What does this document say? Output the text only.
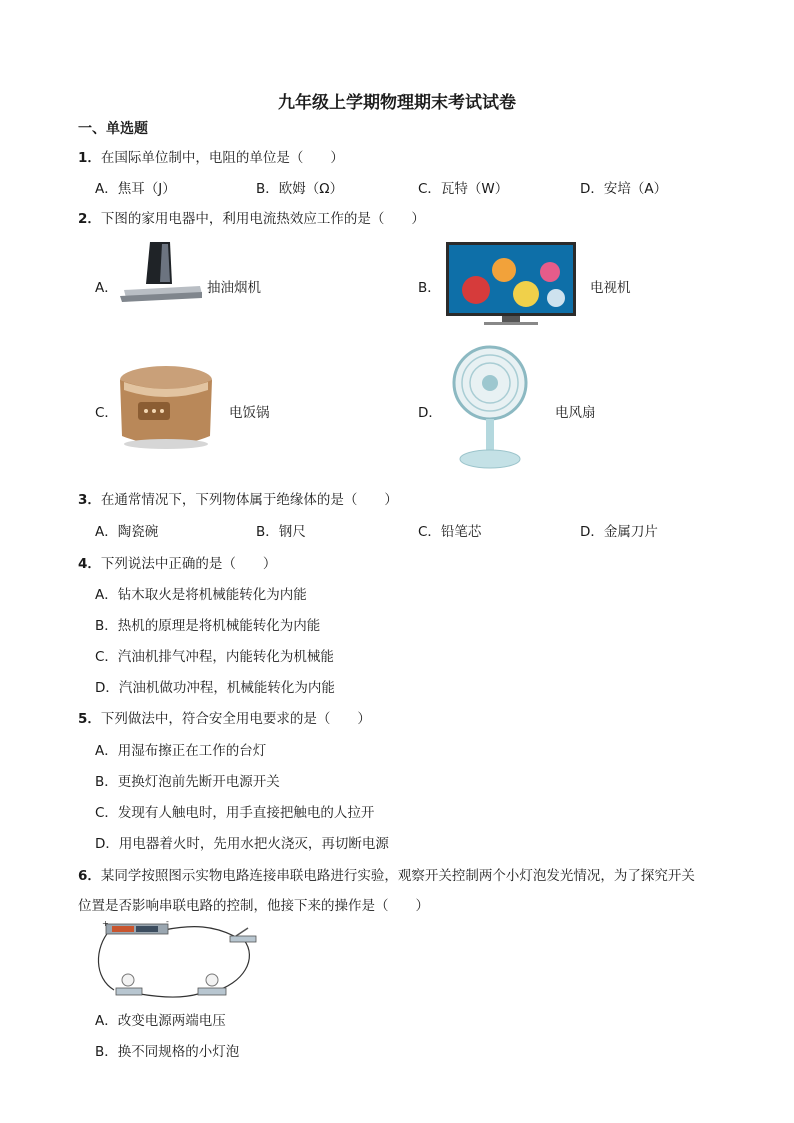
九年级上学期物理期末考试试卷
一、单选题
1．在国际单位制中，电阻的单位是（　　）
A．焦耳（J）	B．欧姆（Ω）	C．瓦特（W）	D．安培（A）
2．下图的家用电器中，利用电流热效应工作的是（　　）
A．	抽油烟机	B．	电视机
C．	电饭锅	D．	电风扇
3．在通常情况下，下列物体属于绝缘体的是（　　）
A．陶瓷碗	B．钢尺	C．铅笔芯	D．金属刀片
4．下列说法中正确的是（　　）
A．钻木取火是将机械能转化为内能
B．热机的原理是将机械能转化为内能
C．汽油机排气冲程，内能转化为机械能
D．汽油机做功冲程，机械能转化为内能
5．下列做法中，符合安全用电要求的是（　　）
A．用湿布擦正在工作的台灯
B．更换灯泡前先断开电源开关
C．发现有人触电时，用手直接把触电的人拉开
D．用电器着火时，先用水把火浇灭，再切断电源
6．某同学按照图示实物电路连接串联电路进行实验，观察开关控制两个小灯泡发光情况，为了探究开关
位置是否影响串联电路的控制，他接下来的操作是（　　）
+	-
A．改变电源两端电压
B．换不同规格的小灯泡
